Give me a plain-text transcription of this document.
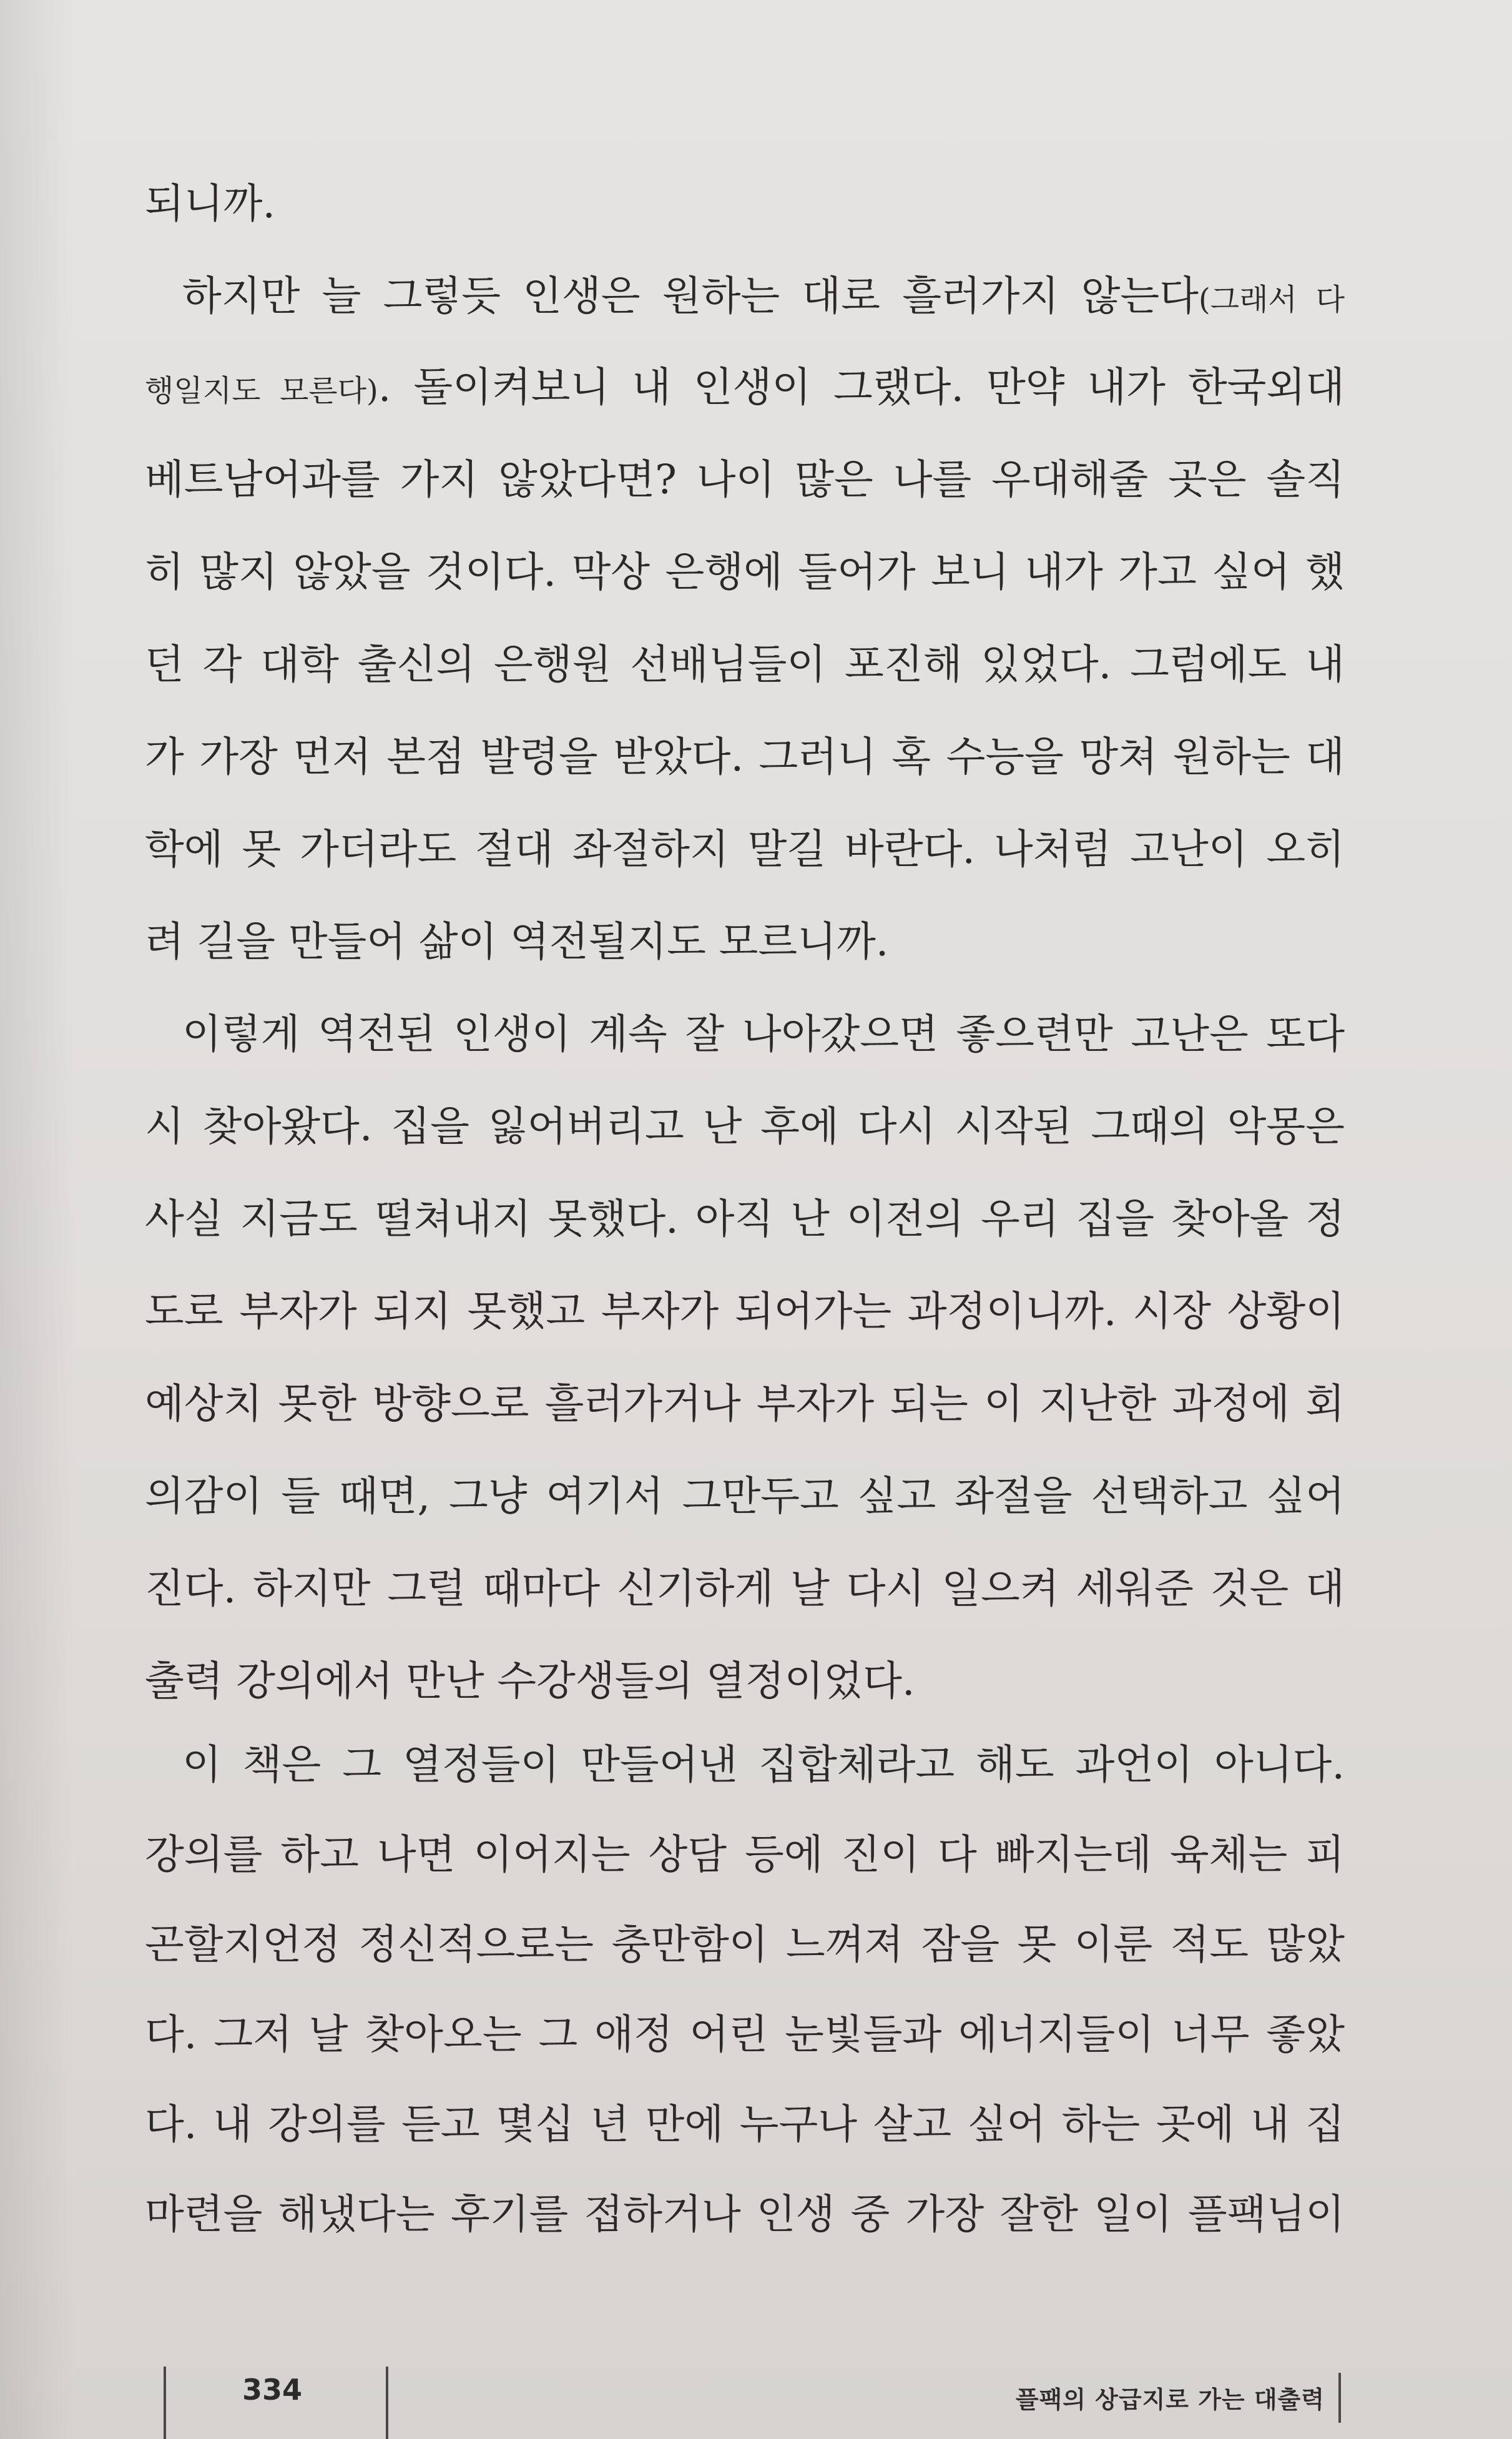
되니까.
하지만 늘 그렇듯 인생은 원하는 대로 흘러가지 않는다(그래서 다
행일지도 모른다). 돌이켜보니 내 인생이 그랬다. 만약 내가 한국외대
베트남어과를 가지 않았다면? 나이 많은 나를 우대해줄 곳은 솔직
히 많지 않았을 것이다. 막상 은행에 들어가 보니 내가 가고 싶어 했
던 각 대학 출신의 은행원 선배님들이 포진해 있었다. 그럼에도 내
가 가장 먼저 본점 발령을 받았다. 그러니 혹 수능을 망쳐 원하는 대
학에 못 가더라도 절대 좌절하지 말길 바란다. 나처럼 고난이 오히
려 길을 만들어 삶이 역전될지도 모르니까.
이렇게 역전된 인생이 계속 잘 나아갔으면 좋으련만 고난은 또다
시 찾아왔다. 집을 잃어버리고 난 후에 다시 시작된 그때의 악몽은
사실 지금도 떨쳐내지 못했다. 아직 난 이전의 우리 집을 찾아올 정
도로 부자가 되지 못했고 부자가 되어가는 과정이니까. 시장 상황이
예상치 못한 방향으로 흘러가거나 부자가 되는 이 지난한 과정에 회
의감이 들 때면, 그냥 여기서 그만두고 싶고 좌절을 선택하고 싶어
진다. 하지만 그럴 때마다 신기하게 날 다시 일으켜 세워준 것은 대
출력 강의에서 만난 수강생들의 열정이었다.
이 책은 그 열정들이 만들어낸 집합체라고 해도 과언이 아니다.
강의를 하고 나면 이어지는 상담 등에 진이 다 빠지는데 육체는 피
곤할지언정 정신적으로는 충만함이 느껴져 잠을 못 이룬 적도 많았
다. 그저 날 찾아오는 그 애정 어린 눈빛들과 에너지들이 너무 좋았
다. 내 강의를 듣고 몇십 년 만에 누구나 살고 싶어 하는 곳에 내 집
마련을 해냈다는 후기를 접하거나 인생 중 가장 잘한 일이 플팩님이
334	플팩의 상급지로 가는 대출력
